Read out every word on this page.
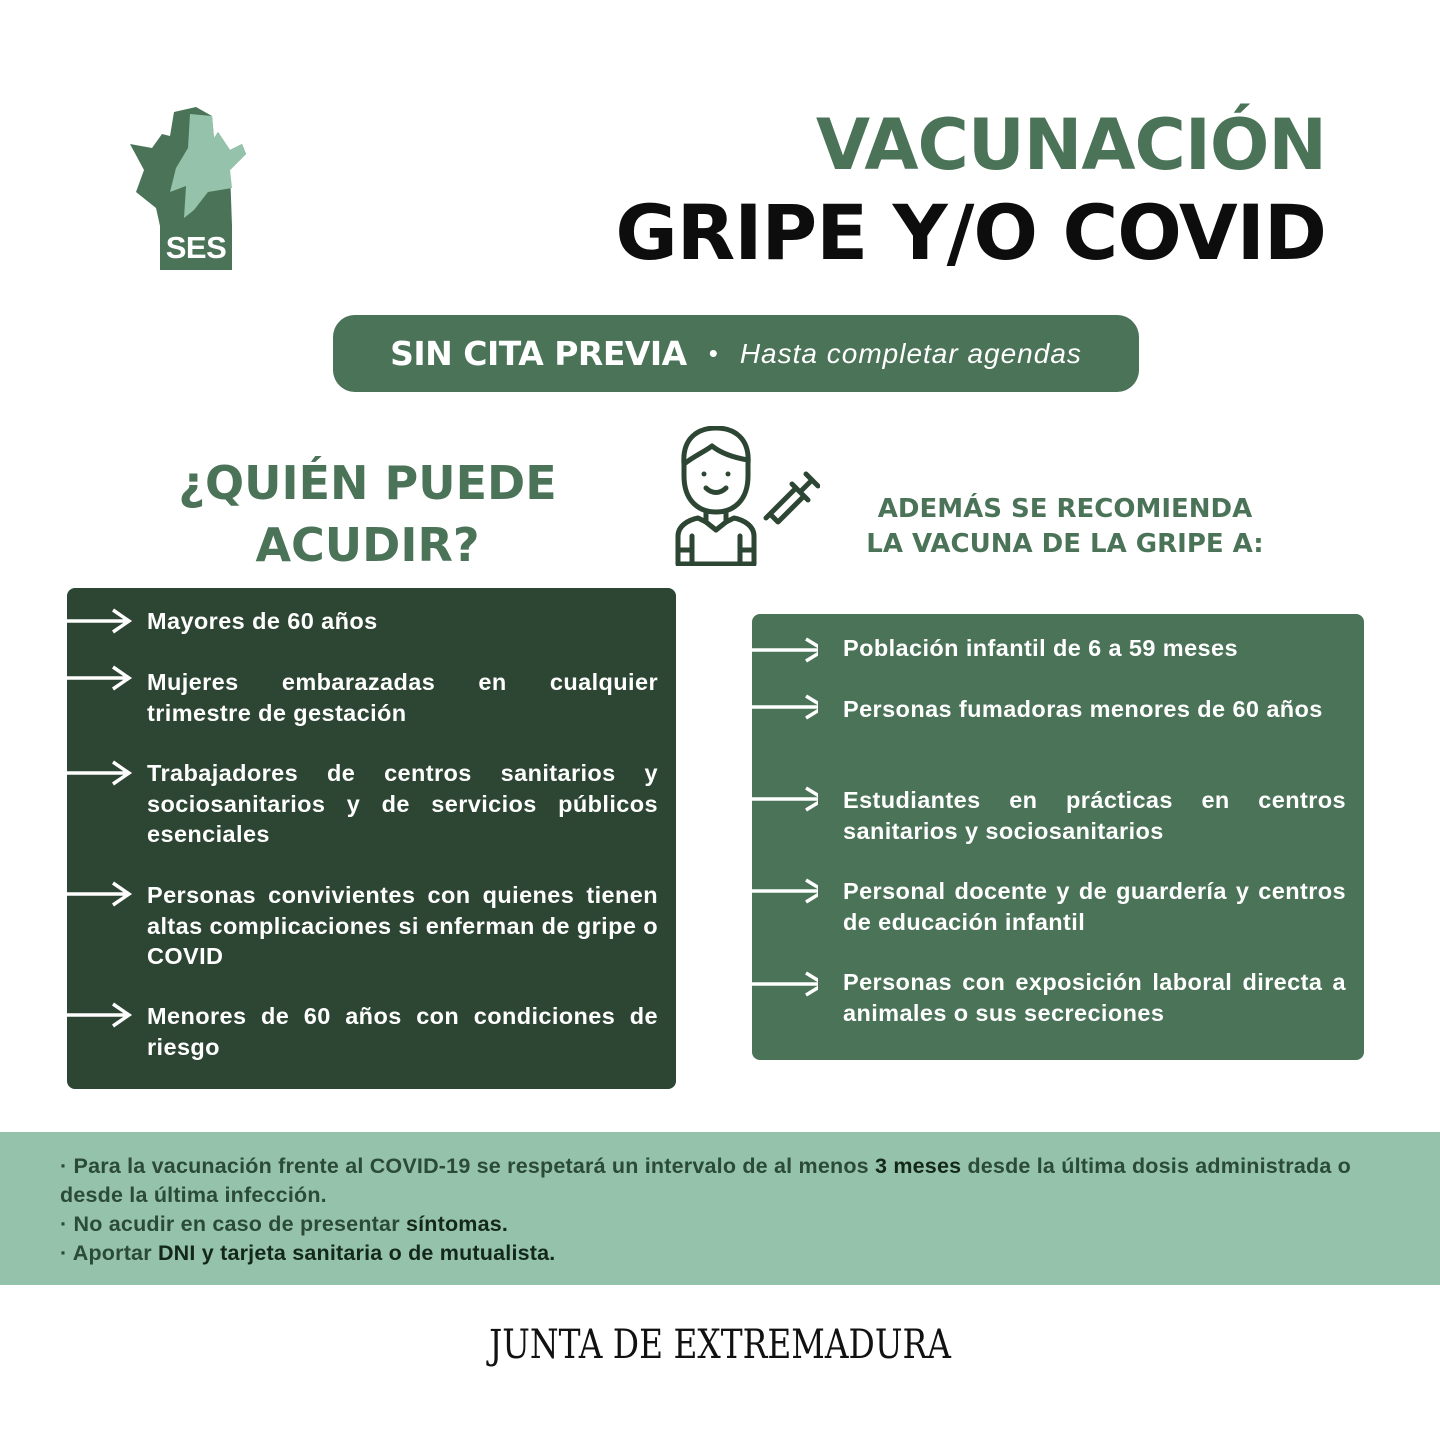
SES
VACUNACIÓN
GRIPE Y/O COVID
SIN CITA PREVIA • Hasta completar agendas
¿QUIÉN PUEDE
ACUDIR?
ADEMÁS SE RECOMIENDA
LA VACUNA DE LA GRIPE A:
Mayores de 60 años
Mujeres embarazadas en cualquier trimestre de gestación
Trabajadores de centros sanitarios y sociosanitarios y de servicios públicos esenciales
Personas convivientes con quienes tienen altas complicaciones si enferman de gripe o COVID
Menores de 60 años con condiciones de riesgo
Población infantil de 6 a 59 meses
Personas fumadoras menores de 60 años
Estudiantes en prácticas en centros sanitarios y sociosanitarios
Personal docente y de guardería y centros de educación infantil
Personas con exposición laboral directa a animales o sus secreciones
· Para la vacunación frente al COVID-19 se respetará un intervalo de al menos 3 meses desde la última dosis administrada o desde la última infección.
· No acudir en caso de presentar síntomas.
· Aportar DNI y tarjeta sanitaria o de mutualista.
JUNTA DE EXTREMADURA
